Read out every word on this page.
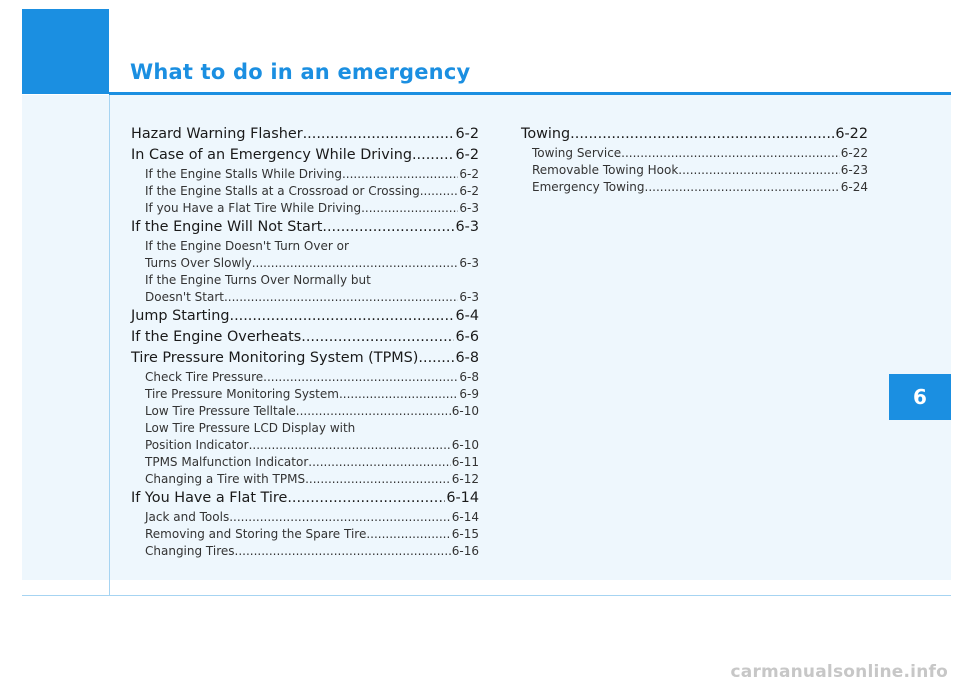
What to do in an emergency
Hazard Warning Flasher .....	6-2
In Case of an Emergency While Driving .....	6-2
If the Engine Stalls While Driving .....	6-2
If the Engine Stalls at a Crossroad or Crossing .....	6-2
If you Have a Flat Tire While Driving .....	6-3
If the Engine Will Not Start .....	6-3
If the Engine Doesn't Turn Over or
Turns Over Slowly .....	6-3
If the Engine Turns Over Normally but
Doesn't Start .....	6-3
Jump Starting .....	6-4
If the Engine Overheats .....	6-6
Tire Pressure Monitoring System (TPMS) .....	6-8
Check Tire Pressure .....	6-8
Tire Pressure Monitoring System .....	6-9
Low Tire Pressure Telltale .....	6-10
Low Tire Pressure LCD Display with
Position Indicator .....	6-10
TPMS Malfunction Indicator .....	6-11
Changing a Tire with TPMS .....	6-12
If You Have a Flat Tire .....	6-14
Jack and Tools .....	6-14
Removing and Storing the Spare Tire .....	6-15
Changing Tires .....	6-16
Towing .....	6-22
Towing Service .....	6-22
Removable Towing Hook .....	6-23
Emergency Towing .....	6-24
6
carmanualsonline.info
